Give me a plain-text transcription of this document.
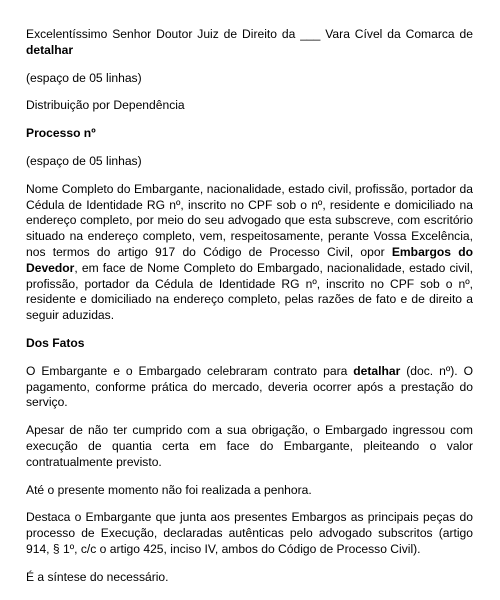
Excelentíssimo Senhor Doutor Juiz de Direito da ___ Vara Cível da Comarca de detalhar

(espaço de 05 linhas)

Distribuição por Dependência

Processo nº

(espaço de 05 linhas)

Nome Completo do Embargante, nacionalidade, estado civil, profissão, portador da Cédula de Identidade RG nº, inscrito no CPF sob o nº, residente e domiciliado na endereço completo, por meio do seu advogado que esta subscreve, com escritório situado na endereço completo, vem, respeitosamente, perante Vossa Excelência, nos termos do artigo 917 do Código de Processo Civil, opor Embargos do Devedor, em face de Nome Completo do Embargado, nacionalidade, estado civil, profissão, portador da Cédula de Identidade RG nº, inscrito no CPF sob o nº, residente e domiciliado na endereço completo, pelas razões de fato e de direito a seguir aduzidas.

Dos Fatos

O Embargante e o Embargado celebraram contrato para detalhar (doc. nº). O pagamento, conforme prática do mercado, deveria ocorrer após a prestação do serviço.

Apesar de não ter cumprido com a sua obrigação, o Embargado ingressou com execução de quantia certa em face do Embargante, pleiteando o valor contratualmente previsto.

Até o presente momento não foi realizada a penhora.

Destaca o Embargante que junta aos presentes Embargos as principais peças do processo de Execução, declaradas autênticas pelo advogado subscritos (artigo 914, § 1º, c/c o artigo 425, inciso IV, ambos do Código de Processo Civil).

É a síntese do necessário.
